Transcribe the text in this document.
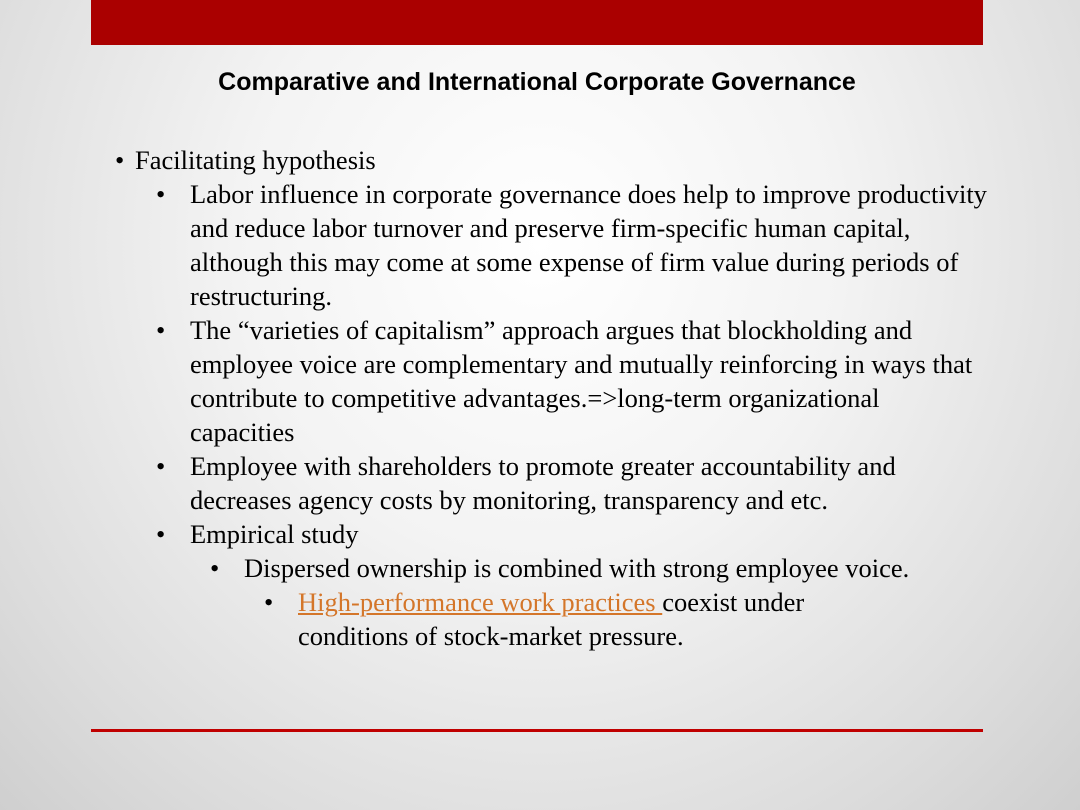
Comparative and International Corporate Governance

• Facilitating hypothesis

• Labor influence in corporate governance does help to improve productivity and reduce labor turnover and preserve firm-specific human capital, although this may come at some expense of firm value during periods of restructuring.

• The “varieties of capitalism” approach argues that blockholding and employee voice are complementary and mutually reinforcing in ways that contribute to competitive advantages.=>long-term organizational capacities

• Employee with shareholders to promote greater accountability and decreases agency costs by monitoring, transparency and etc.

• Empirical study

• Dispersed ownership is combined with strong employee voice.

• High-performance work practices coexist under conditions of stock-market pressure.
